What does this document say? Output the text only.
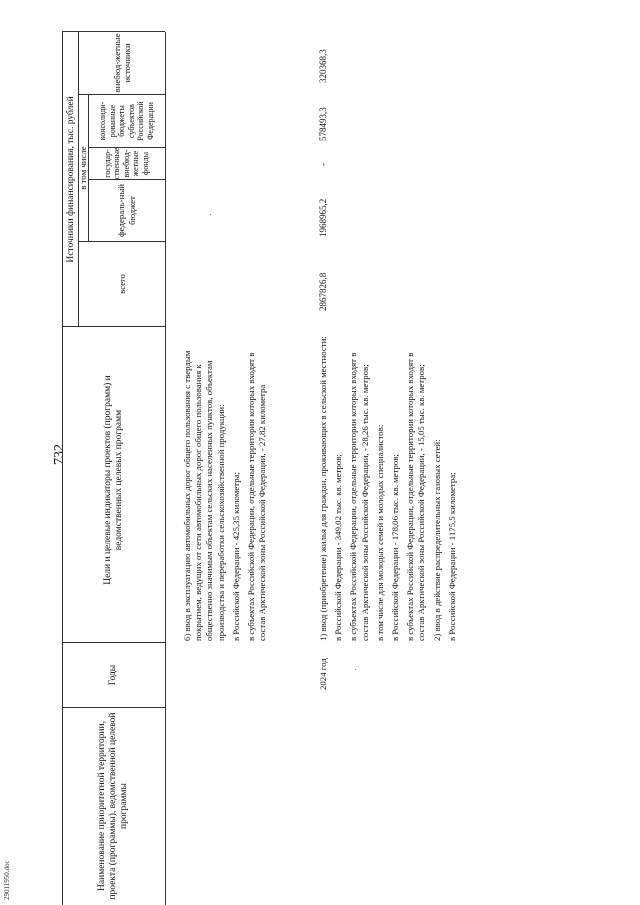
732
29011950.doc	Наименование приоритетной территории, проекта (программы), ведомственной целевой программы
Годы
Цели и целевые индикаторы проектов (программ) и ведомственных целевых программ
Источники финансирования, тыс. рублей
всего
в том числе
федераль-ный бюджет
государ-ственные внебюд-жетные фонды
консолиди-рованные бюджеты субъектов Российской Федерации
внебюд-жетные источники

6) ввод в эксплуатацию автомобильных дорог общего пользования с твердым покрытием, ведущих от сети автомобильных дорог общего пользования к общественно значимым объектам сельских населенных пунктов, объектам производства и переработки сельскохозяйственной продукции: в Российской Федерации - 425,35 километра; в субъектах Российской Федерации, отдельные территории которых входят в состав Арктической зоны Российской Федерации, - 27,82 километра

2024 год

1) ввод (приобретение) жилья для граждан, проживающих в сельской местности: в Российской Федерации - 349,02 тыс. кв. метров; в субъектах Российской Федерации, отдельные территории которых входят в состав Арктической зоны Российской Федерации, - 28,26 тыс. кв. метров; в том числе для молодых семей и молодых специалистов: в Российской Федерации - 178,06 тыс. кв. метров; в субъектах Российской Федерации, отдельные территории которых входят в состав Арктической зоны Российской Федерации, - 15,05 тыс. кв. метров; 2) ввод в действие распределительных газовых сетей: в Российской Федерации - 1175,5 километра;

2867826,8
1968965,2
-
578493,3
320368,3
